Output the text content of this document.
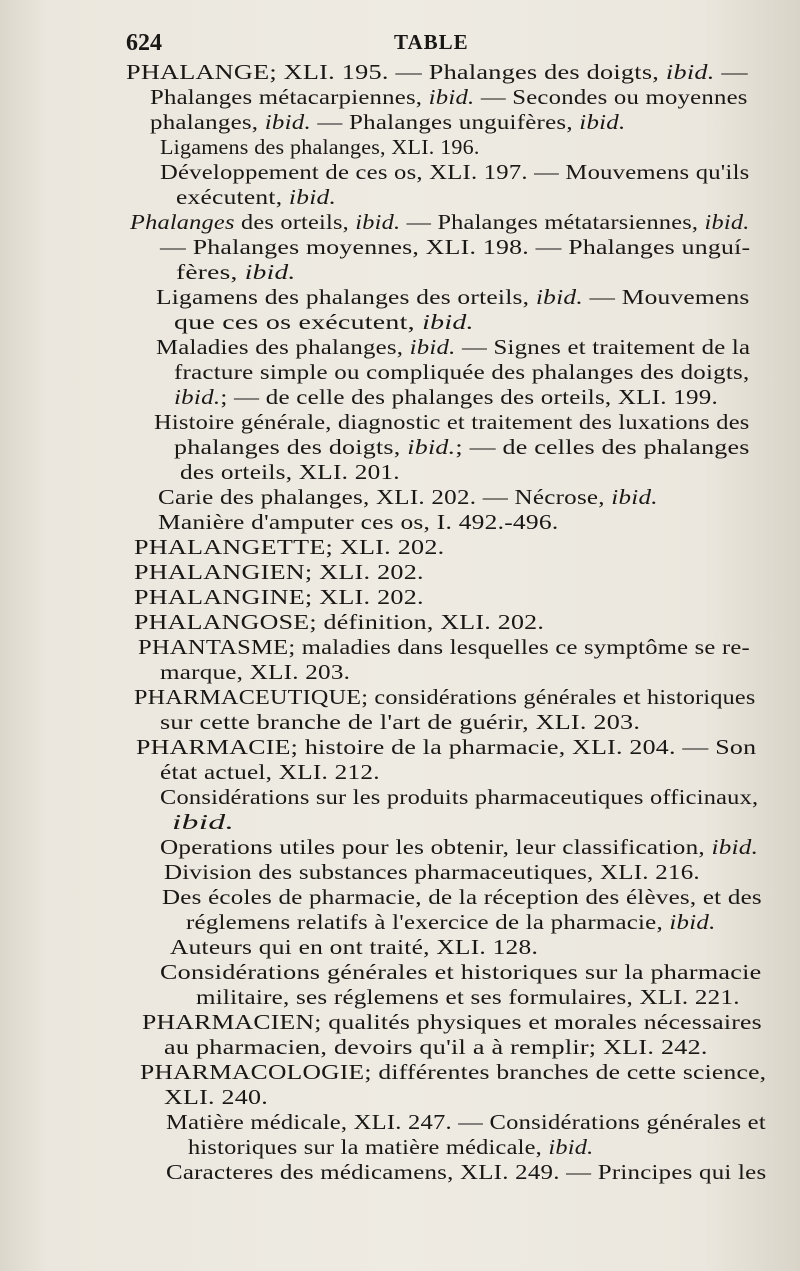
624	TABLE
PHALANGE; XLI. 195. — Phalanges des doigts, ibid. —
Phalanges métacarpiennes, ibid. — Secondes ou moyennes
phalanges, ibid. — Phalanges unguifères, ibid.
Ligamens des phalanges, XLI. 196.
Développement de ces os, XLI. 197. — Mouvemens qu'ils
exécutent, ibid.
Phalanges des orteils, ibid. — Phalanges métatarsiennes, ibid.
— Phalanges moyennes, XLI. 198. — Phalanges unguí-
fères, ibid.
Ligamens des phalanges des orteils, ibid. — Mouvemens
que ces os exécutent, ibid.
Maladies des phalanges, ibid. — Signes et traitement de la
fracture simple ou compliquée des phalanges des doigts,
ibid.; — de celle des phalanges des orteils, XLI. 199.
Histoire générale, diagnostic et traitement des luxations des
phalanges des doigts, ibid.; — de celles des phalanges
des orteils, XLI. 201.
Carie des phalanges, XLI. 202. — Nécrose, ibid.
Manière d'amputer ces os, I. 492.-496.
PHALANGETTE; XLI. 202.
PHALANGIEN; XLI. 202.
PHALANGINE; XLI. 202.
PHALANGOSE; définition, XLI. 202.
PHANTASME; maladies dans lesquelles ce symptôme se re-
marque, XLI. 203.
PHARMACEUTIQUE; considérations générales et historiques
sur cette branche de l'art de guérir, XLI. 203.
PHARMACIE; histoire de la pharmacie, XLI. 204. — Son
état actuel, XLI. 212.
Considérations sur les produits pharmaceutiques officinaux,
ibid.
Operations utiles pour les obtenir, leur classification, ibid.
Division des substances pharmaceutiques, XLI. 216.
Des écoles de pharmacie, de la réception des élèves, et des
réglemens relatifs à l'exercice de la pharmacie, ibid.
Auteurs qui en ont traité, XLI. 128.
Considérations générales et historiques sur la pharmacie
militaire, ses réglemens et ses formulaires, XLI. 221.
PHARMACIEN; qualités physiques et morales nécessaires
au pharmacien, devoirs qu'il a à remplir; XLI. 242.
PHARMACOLOGIE; différentes branches de cette science,
XLI. 240.
Matière médicale, XLI. 247. — Considérations générales et
historiques sur la matière médicale, ibid.
Caracteres des médicamens, XLI. 249. — Principes qui les
